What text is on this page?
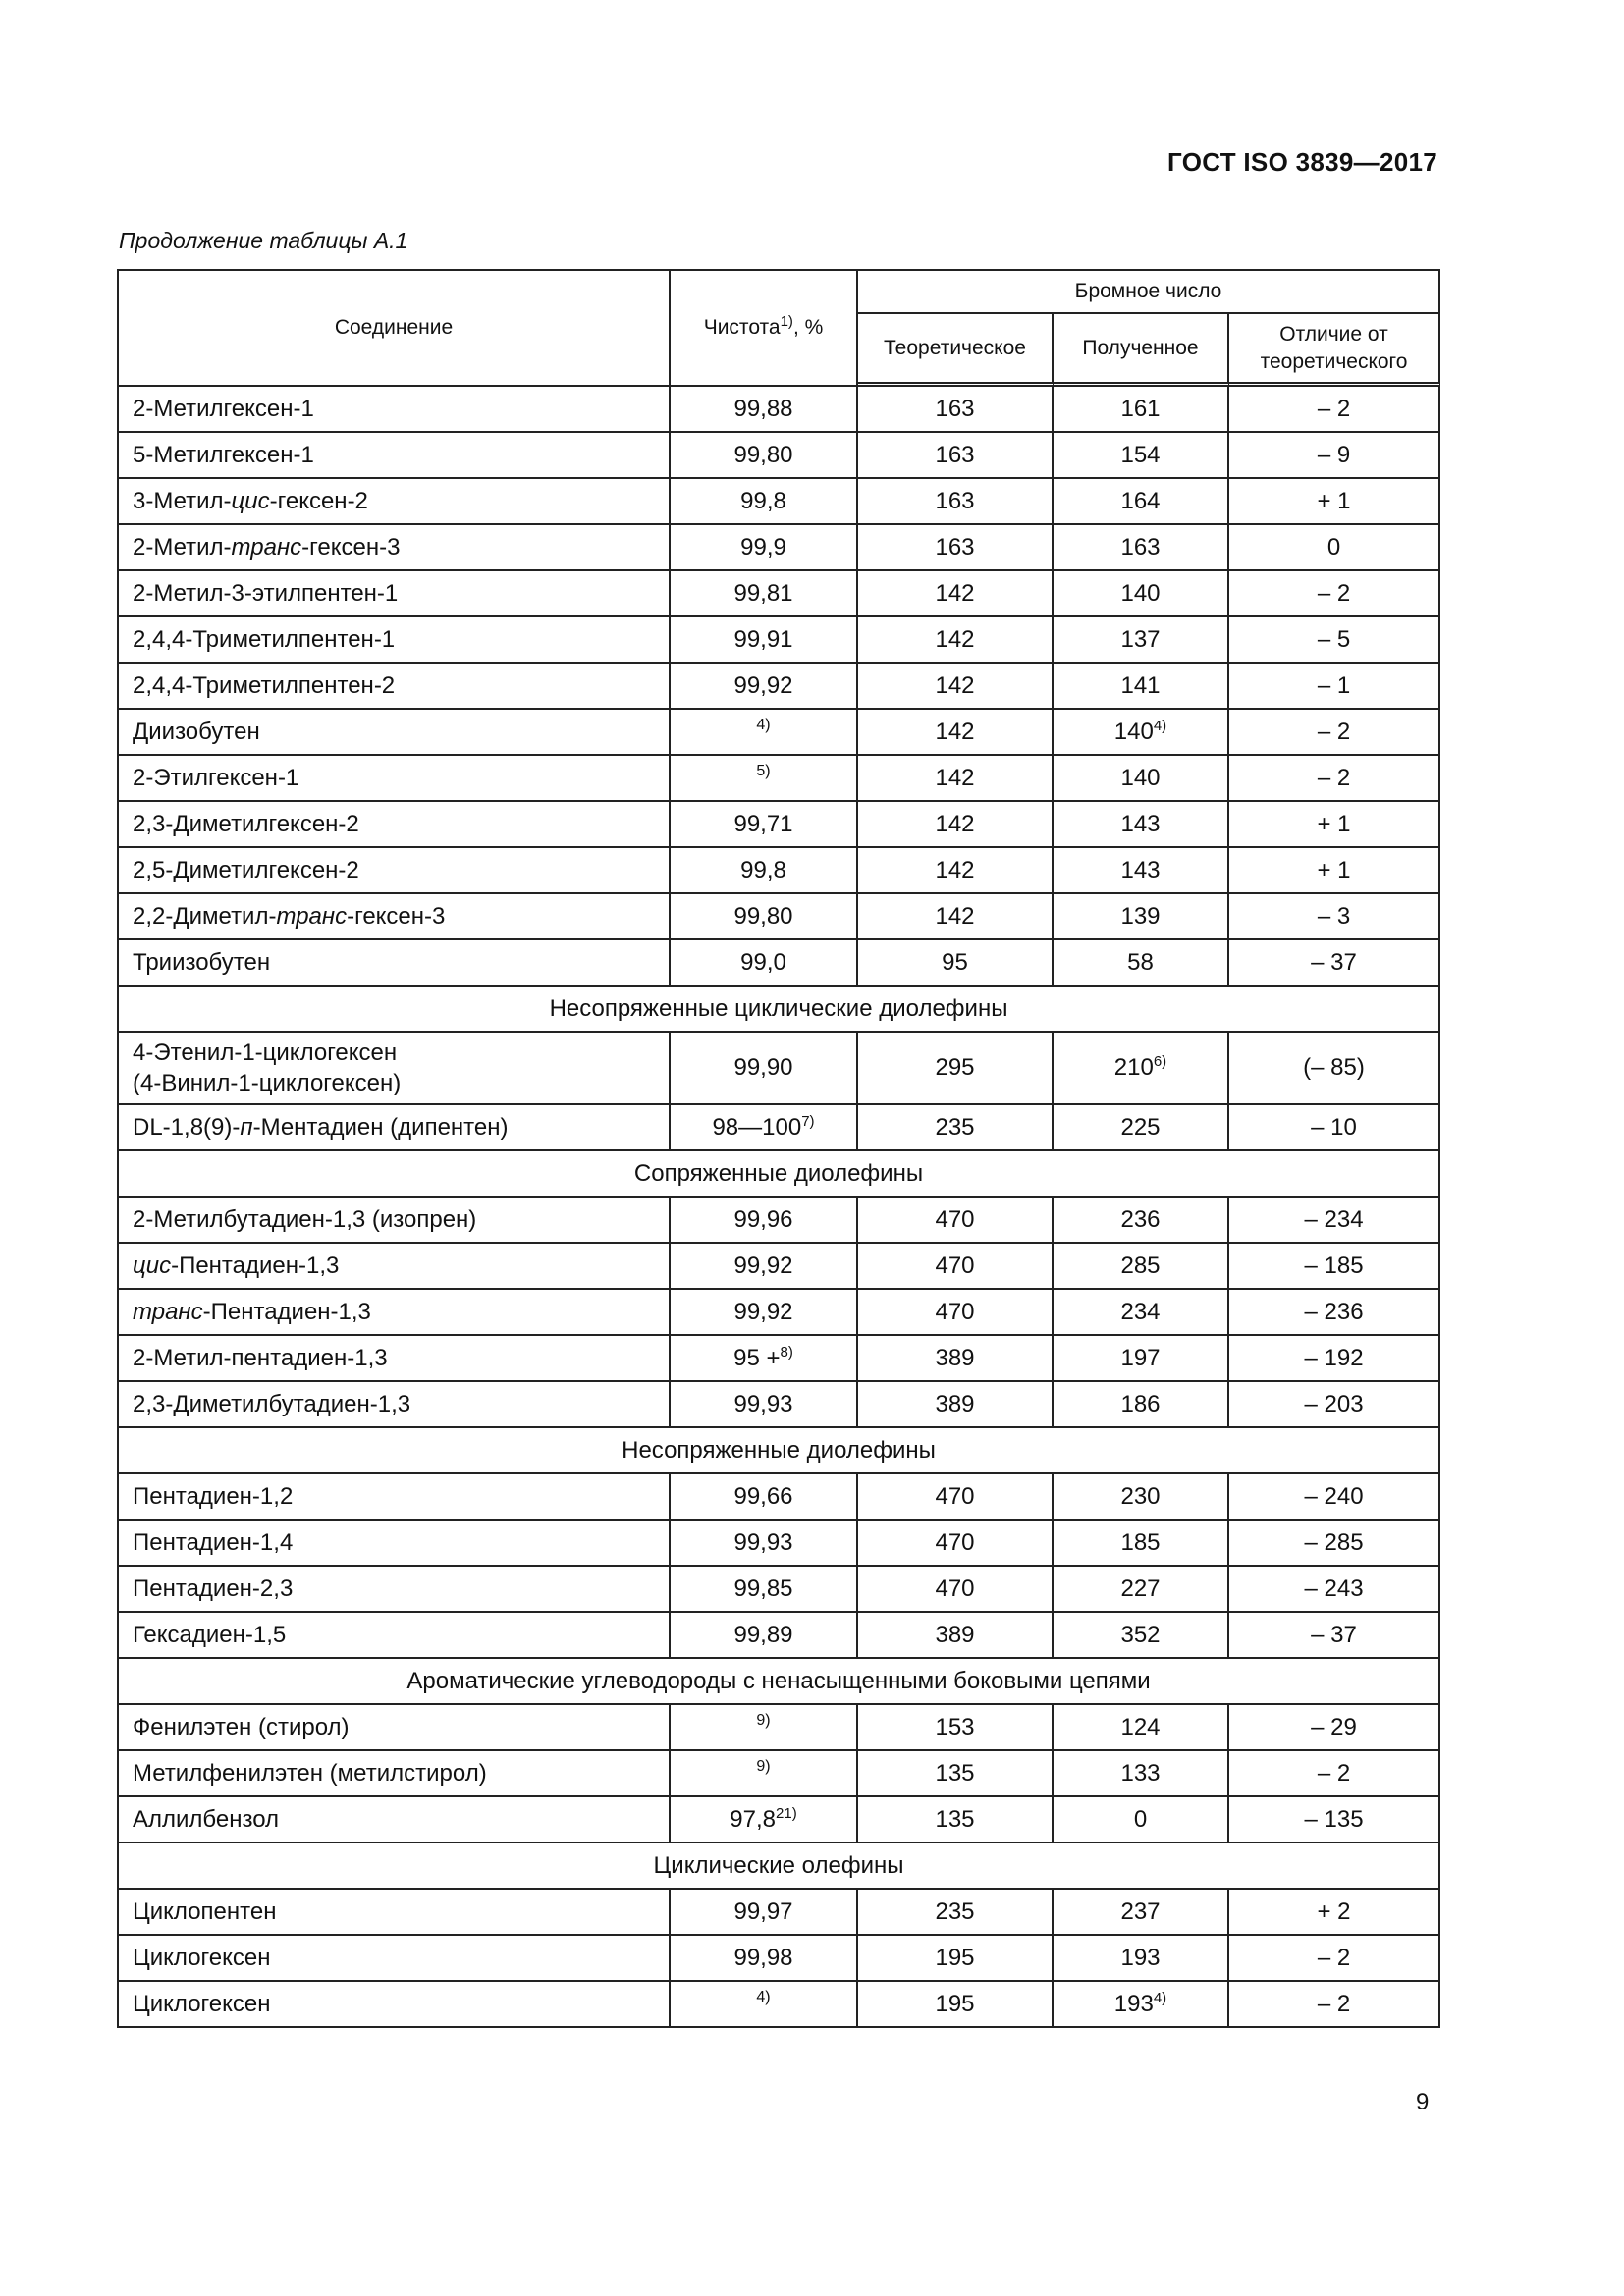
ГОСТ ISO 3839—2017
Продолжение таблицы А.1
Соединение	Чистота$^{1)}$, %	Бромное число		
		Теоретическое	Полученное	Отличие от теоретического
2-Метилгексен-1	99,88	163	161	– 2
5-Метилгексен-1	99,80	163	154	– 9
3-Метил-цис-гексен-2	99,8	163	164	+ 1
2-Метил-транс-гексен-3	99,9	163	163	0
2-Метил-3-этилпентен-1	99,81	142	140	– 2
2,4,4-Триметилпентен-1	99,91	142	137	– 5
2,4,4-Триметилпентен-2	99,92	142	141	– 1
Диизобутен	4)	142	140$^{4)}$	– 2
2-Этилгексен-1	5)	142	140	– 2
2,3-Диметилгексен-2	99,71	142	143	+ 1
2,5-Диметилгексен-2	99,8	142	143	+ 1
2,2-Диметил-транс-гексен-3	99,80	142	139	– 3
Триизобутен	99,0	95	58	– 37
Несопряженные циклические диолефины				
4-Этенил-1-циклогексен
(4-Винил-1-циклогексен)	99,90	295	210$^{6)}$	(– 85)
DL-1,8(9)-п-Ментадиен (дипентен)	98—100$^{7)}$	235	225	– 10
Сопряженные диолефины				
2-Метилбутадиен-1,3 (изопрен)	99,96	470	236	– 234
цис-Пентадиен-1,3	99,92	470	285	– 185
транс-Пентадиен-1,3	99,92	470	234	– 236
2-Метил-пентадиен-1,3	95 +$^{8)}$	389	197	– 192
2,3-Диметилбутадиен-1,3	99,93	389	186	– 203
Несопряженные диолефины				
Пентадиен-1,2	99,66	470	230	– 240
Пентадиен-1,4	99,93	470	185	– 285
Пентадиен-2,3	99,85	470	227	– 243
Гексадиен-1,5	99,89	389	352	– 37
Ароматические углеводороды с ненасыщенными боковыми цепями				
Фенилэтен (стирол)	9)	153	124	– 29
Метилфенилэтен (метилстирол)	9)	135	133	– 2
Аллилбензол	97,8$^{21)}$	135	0	– 135
Циклические олефины				
Циклопентен	99,97	235	237	+ 2
Циклогексен	99,98	195	193	– 2
Циклогексен	4)	195	193$^{4)}$	– 2
9
